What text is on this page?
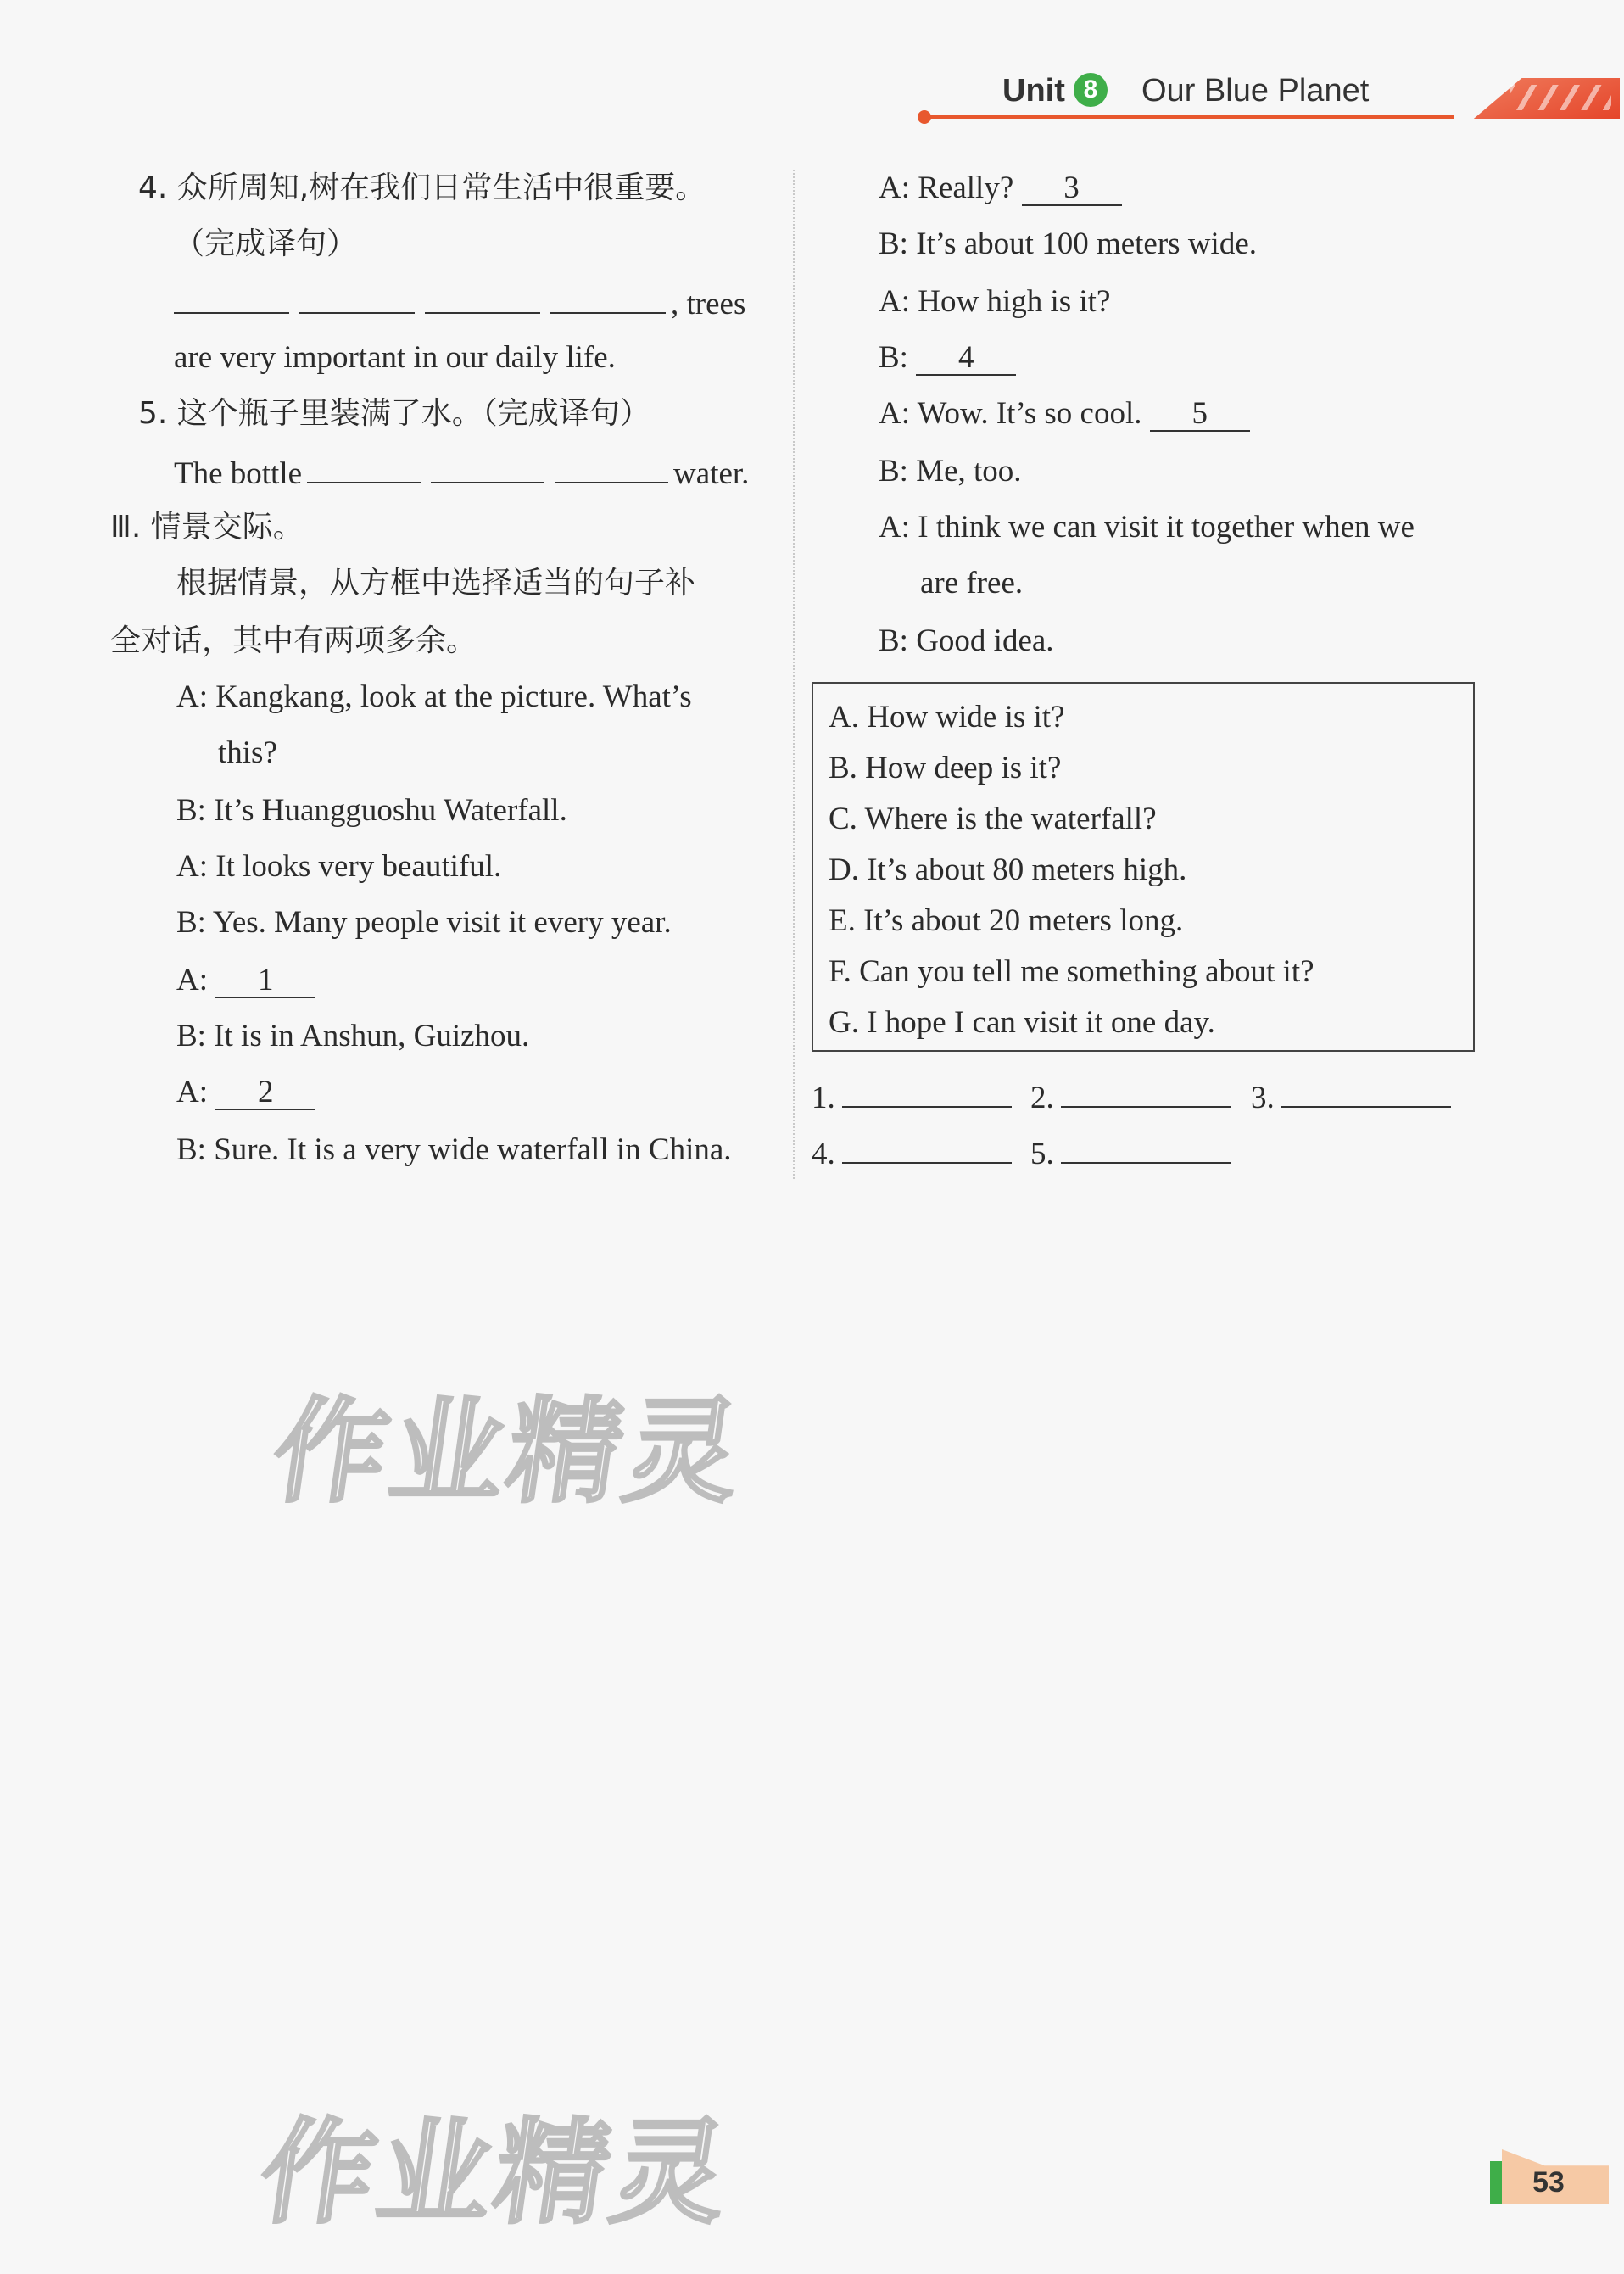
Unit 8	Our Blue Planet
4. 众所周知,树在我们日常生活中很重要。
（完成译句）
, trees
are very important in our daily life.
5. 这个瓶子里装满了水。（完成译句）
The bottle	water.
Ⅲ. 情景交际。
根据情景，从方框中选择适当的句子补
全对话，其中有两项多余。
A: Kangkang, look at the picture. What’s
this?
B: It’s Huangguoshu Waterfall.
A: It looks very beautiful.
B: Yes. Many people visit it every year.
A: 1
B: It is in Anshun, Guizhou.
A: 2
B: Sure. It is a very wide waterfall in China.
A: Really? 3
B: It’s about 100 meters wide.
A: How high is it?
B: 4
A: Wow. It’s so cool. 5
B: Me, too.
A: I think we can visit it together when we
are free.
B: Good idea.
A. How wide is it?
B. How deep is it?
C. Where is the waterfall?
D. It’s about 80 meters high.
E. It’s about 20 meters long.
F. Can you tell me something about it?
G. I hope I can visit it one day.
1.	2.	3.
4.	5.
作业精灵
作业精灵	53
